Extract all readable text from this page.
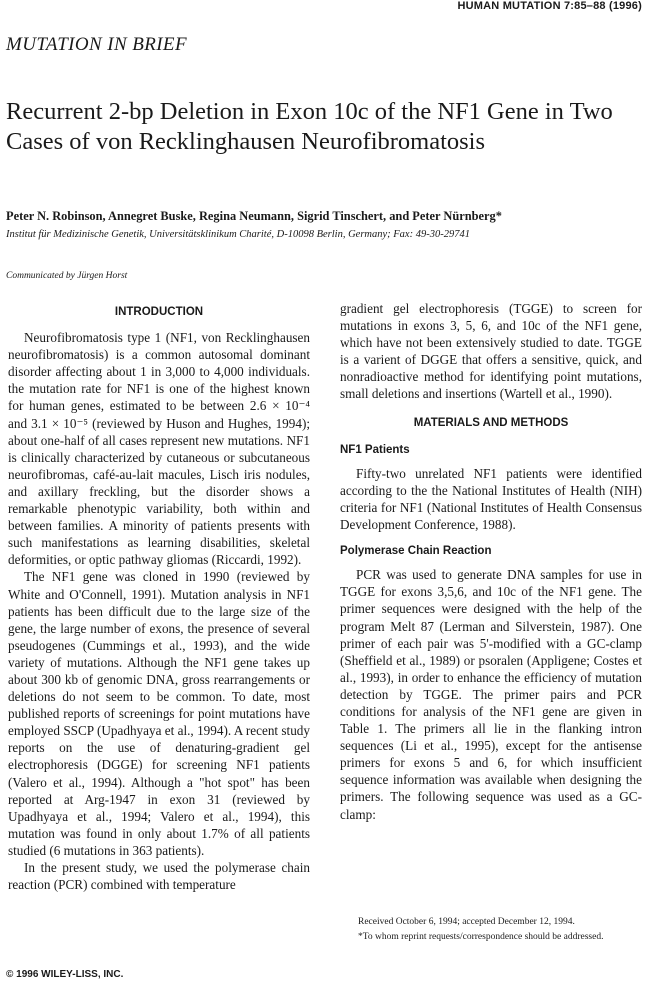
HUMAN MUTATION 7:85–88 (1996)
MUTATION IN BRIEF
Recurrent 2-bp Deletion in Exon 10c of the NF1 Gene in Two Cases of von Recklinghausen Neurofibromatosis
Peter N. Robinson, Annegret Buske, Regina Neumann, Sigrid Tinschert, and Peter Nürnberg*
Institut für Medizinische Genetik, Universitätsklinikum Charité, D-10098 Berlin, Germany; Fax: 49-30-29741
Communicated by Jürgen Horst
INTRODUCTION

Neurofibromatosis type 1 (NF1, von Recklinghausen neurofibromatosis) is a common autosomal dominant disorder affecting about 1 in 3,000 to 4,000 individuals. the mutation rate for NF1 is one of the highest known for human genes, estimated to be between 2.6 × 10⁻⁴ and 3.1 × 10⁻⁵ (reviewed by Huson and Hughes, 1994); about one-half of all cases represent new mutations. NF1 is clinically characterized by cutaneous or subcutaneous neurofibromas, café-au-lait macules, Lisch iris nodules, and axillary freckling, but the disorder shows a remarkable phenotypic variability, both within and between families. A minority of patients presents with such manifestations as learning disabilities, skeletal deformities, or optic pathway gliomas (Riccardi, 1992).

The NF1 gene was cloned in 1990 (reviewed by White and O'Connell, 1991). Mutation analysis in NF1 patients has been difficult due to the large size of the gene, the large number of exons, the presence of several pseudogenes (Cummings et al., 1993), and the wide variety of mutations. Although the NF1 gene takes up about 300 kb of genomic DNA, gross rearrangements or deletions do not seem to be common. To date, most published reports of screenings for point mutations have employed SSCP (Upadhyaya et al., 1994). A recent study reports on the use of denaturing-gradient gel electrophoresis (DGGE) for screening NF1 patients (Valero et al., 1994). Although a "hot spot" has been reported at Arg-1947 in exon 31 (reviewed by Upadhyaya et al., 1994; Valero et al., 1994), this mutation was found in only about 1.7% of all patients studied (6 mutations in 363 patients).

In the present study, we used the polymerase chain reaction (PCR) combined with temperature

gradient gel electrophoresis (TGGE) to screen for mutations in exons 3, 5, 6, and 10c of the NF1 gene, which have not been extensively studied to date. TGGE is a varient of DGGE that offers a sensitive, quick, and nonradioactive method for identifying point mutations, small deletions and insertions (Wartell et al., 1990).

MATERIALS AND METHODS
NF1 Patients

Fifty-two unrelated NF1 patients were identified according to the the National Institutes of Health (NIH) criteria for NF1 (National Institutes of Health Consensus Development Conference, 1988).

Polymerase Chain Reaction

PCR was used to generate DNA samples for use in TGGE for exons 3,5,6, and 10c of the NF1 gene. The primer sequences were designed with the help of the program Melt 87 (Lerman and Silverstein, 1987). One primer of each pair was 5'-modified with a GC-clamp (Sheffield et al., 1989) or psoralen (Appligene; Costes et al., 1993), in order to enhance the efficiency of mutation detection by TGGE. The primer pairs and PCR conditions for analysis of the NF1 gene are given in Table 1. The primers all lie in the flanking intron sequences (Li et al., 1995), except for the antisense primers for exons 5 and 6, for which insufficient sequence information was available when designing the primers. The following sequence was used as a GC-clamp:

Received October 6, 1994; accepted December 12, 1994.

*To whom reprint requests/correspondence should be addressed.

© 1996 WILEY-LISS, INC.
